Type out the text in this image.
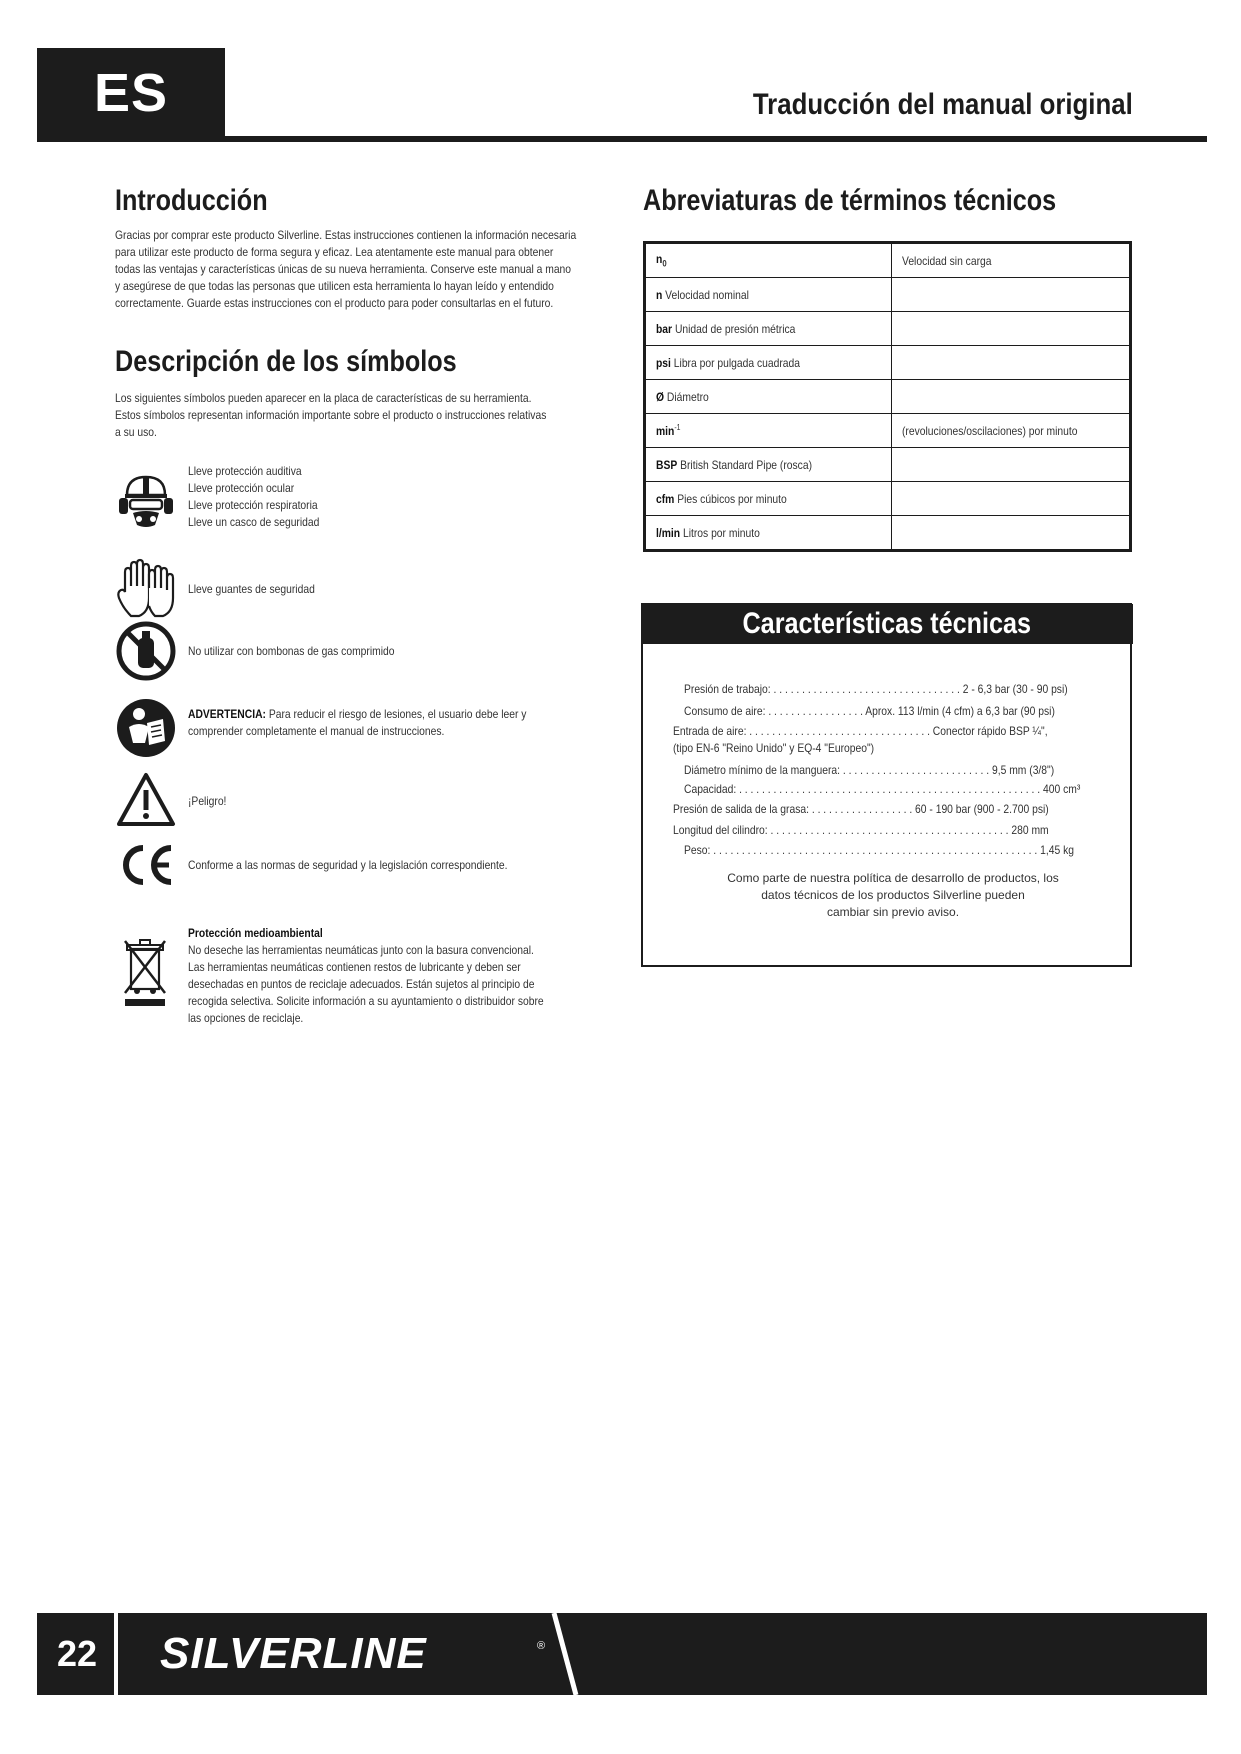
ES	Traducción del manual original
Introducción
Gracias por comprar este producto Silverline. Estas instrucciones contienen la información necesaria
para utilizar este producto de forma segura y eficaz. Lea atentamente este manual para obtener
todas las ventajas y características únicas de su nueva herramienta. Conserve este manual a mano
y asegúrese de que todas las personas que utilicen esta herramienta lo hayan leído y entendido
correctamente. Guarde estas instrucciones con el producto para poder consultarlas en el futuro.
Descripción de los símbolos
Los siguientes símbolos pueden aparecer en la placa de características de su herramienta.
Estos símbolos representan información importante sobre el producto o instrucciones relativas
a su uso.
Lleve protección auditiva
Lleve protección ocular
Lleve protección respiratoria
Lleve un casco de seguridad
Lleve guantes de seguridad
No utilizar con bombonas de gas comprimido
ADVERTENCIA: Para reducir el riesgo de lesiones, el usuario debe leer y
comprender completamente el manual de instrucciones.
¡Peligro!
Conforme a las normas de seguridad y la legislación correspondiente.
Protección medioambiental
No deseche las herramientas neumáticas junto con la basura convencional.
Las herramientas neumáticas contienen restos de lubricante y deben ser
desechadas en puntos de reciclaje adecuados. Están sujetos al principio de
recogida selectiva. Solicite información a su ayuntamiento o distribuidor sobre
las opciones de reciclaje.
Abreviaturas de términos técnicos
$n_0$	Velocidad sin carga
n Velocidad nominal	
bar Unidad de presión métrica	
psi Libra por pulgada cuadrada	
Ø Diámetro	
$\min^{-1}$	(revoluciones/oscilaciones) por minuto
BSP British Standard Pipe (rosca)	
cfm Pies cúbicos por minuto	
l/min Litros por minuto	
Características técnicas
Presión de trabajo: . . . . . . . . . . . . . . . . . . . . . . . . . . . . . . . . . 2 - 6,3 bar (30 - 90 psi)
Consumo de aire: . . . . . . . . . . . . . . . . . Aprox. 113 l/min (4 cfm) a 6,3 bar (90 psi)
Entrada de aire: . . . . . . . . . . . . . . . . . . . . . . . . . . . . . . . . Conector rápido BSP ¼",
(tipo EN-6 "Reino Unido" y EQ-4 "Europeo")
Diámetro mínimo de la manguera: . . . . . . . . . . . . . . . . . . . . . . . . . . 9,5 mm (3/8")
Capacidad: . . . . . . . . . . . . . . . . . . . . . . . . . . . . . . . . . . . . . . . . . . . . . . . . . . . . . 400 cm³
Presión de salida de la grasa: . . . . . . . . . . . . . . . . . . 60 - 190 bar (900 - 2.700 psi)
Longitud del cilindro: . . . . . . . . . . . . . . . . . . . . . . . . . . . . . . . . . . . . . . . . . . 280 mm
Peso: . . . . . . . . . . . . . . . . . . . . . . . . . . . . . . . . . . . . . . . . . . . . . . . . . . . . . . . . . 1,45 kg
Como parte de nuestra política de desarrollo de productos, los
datos técnicos de los productos Silverline pueden
cambiar sin previo aviso.
22	SILVERLINE	®
